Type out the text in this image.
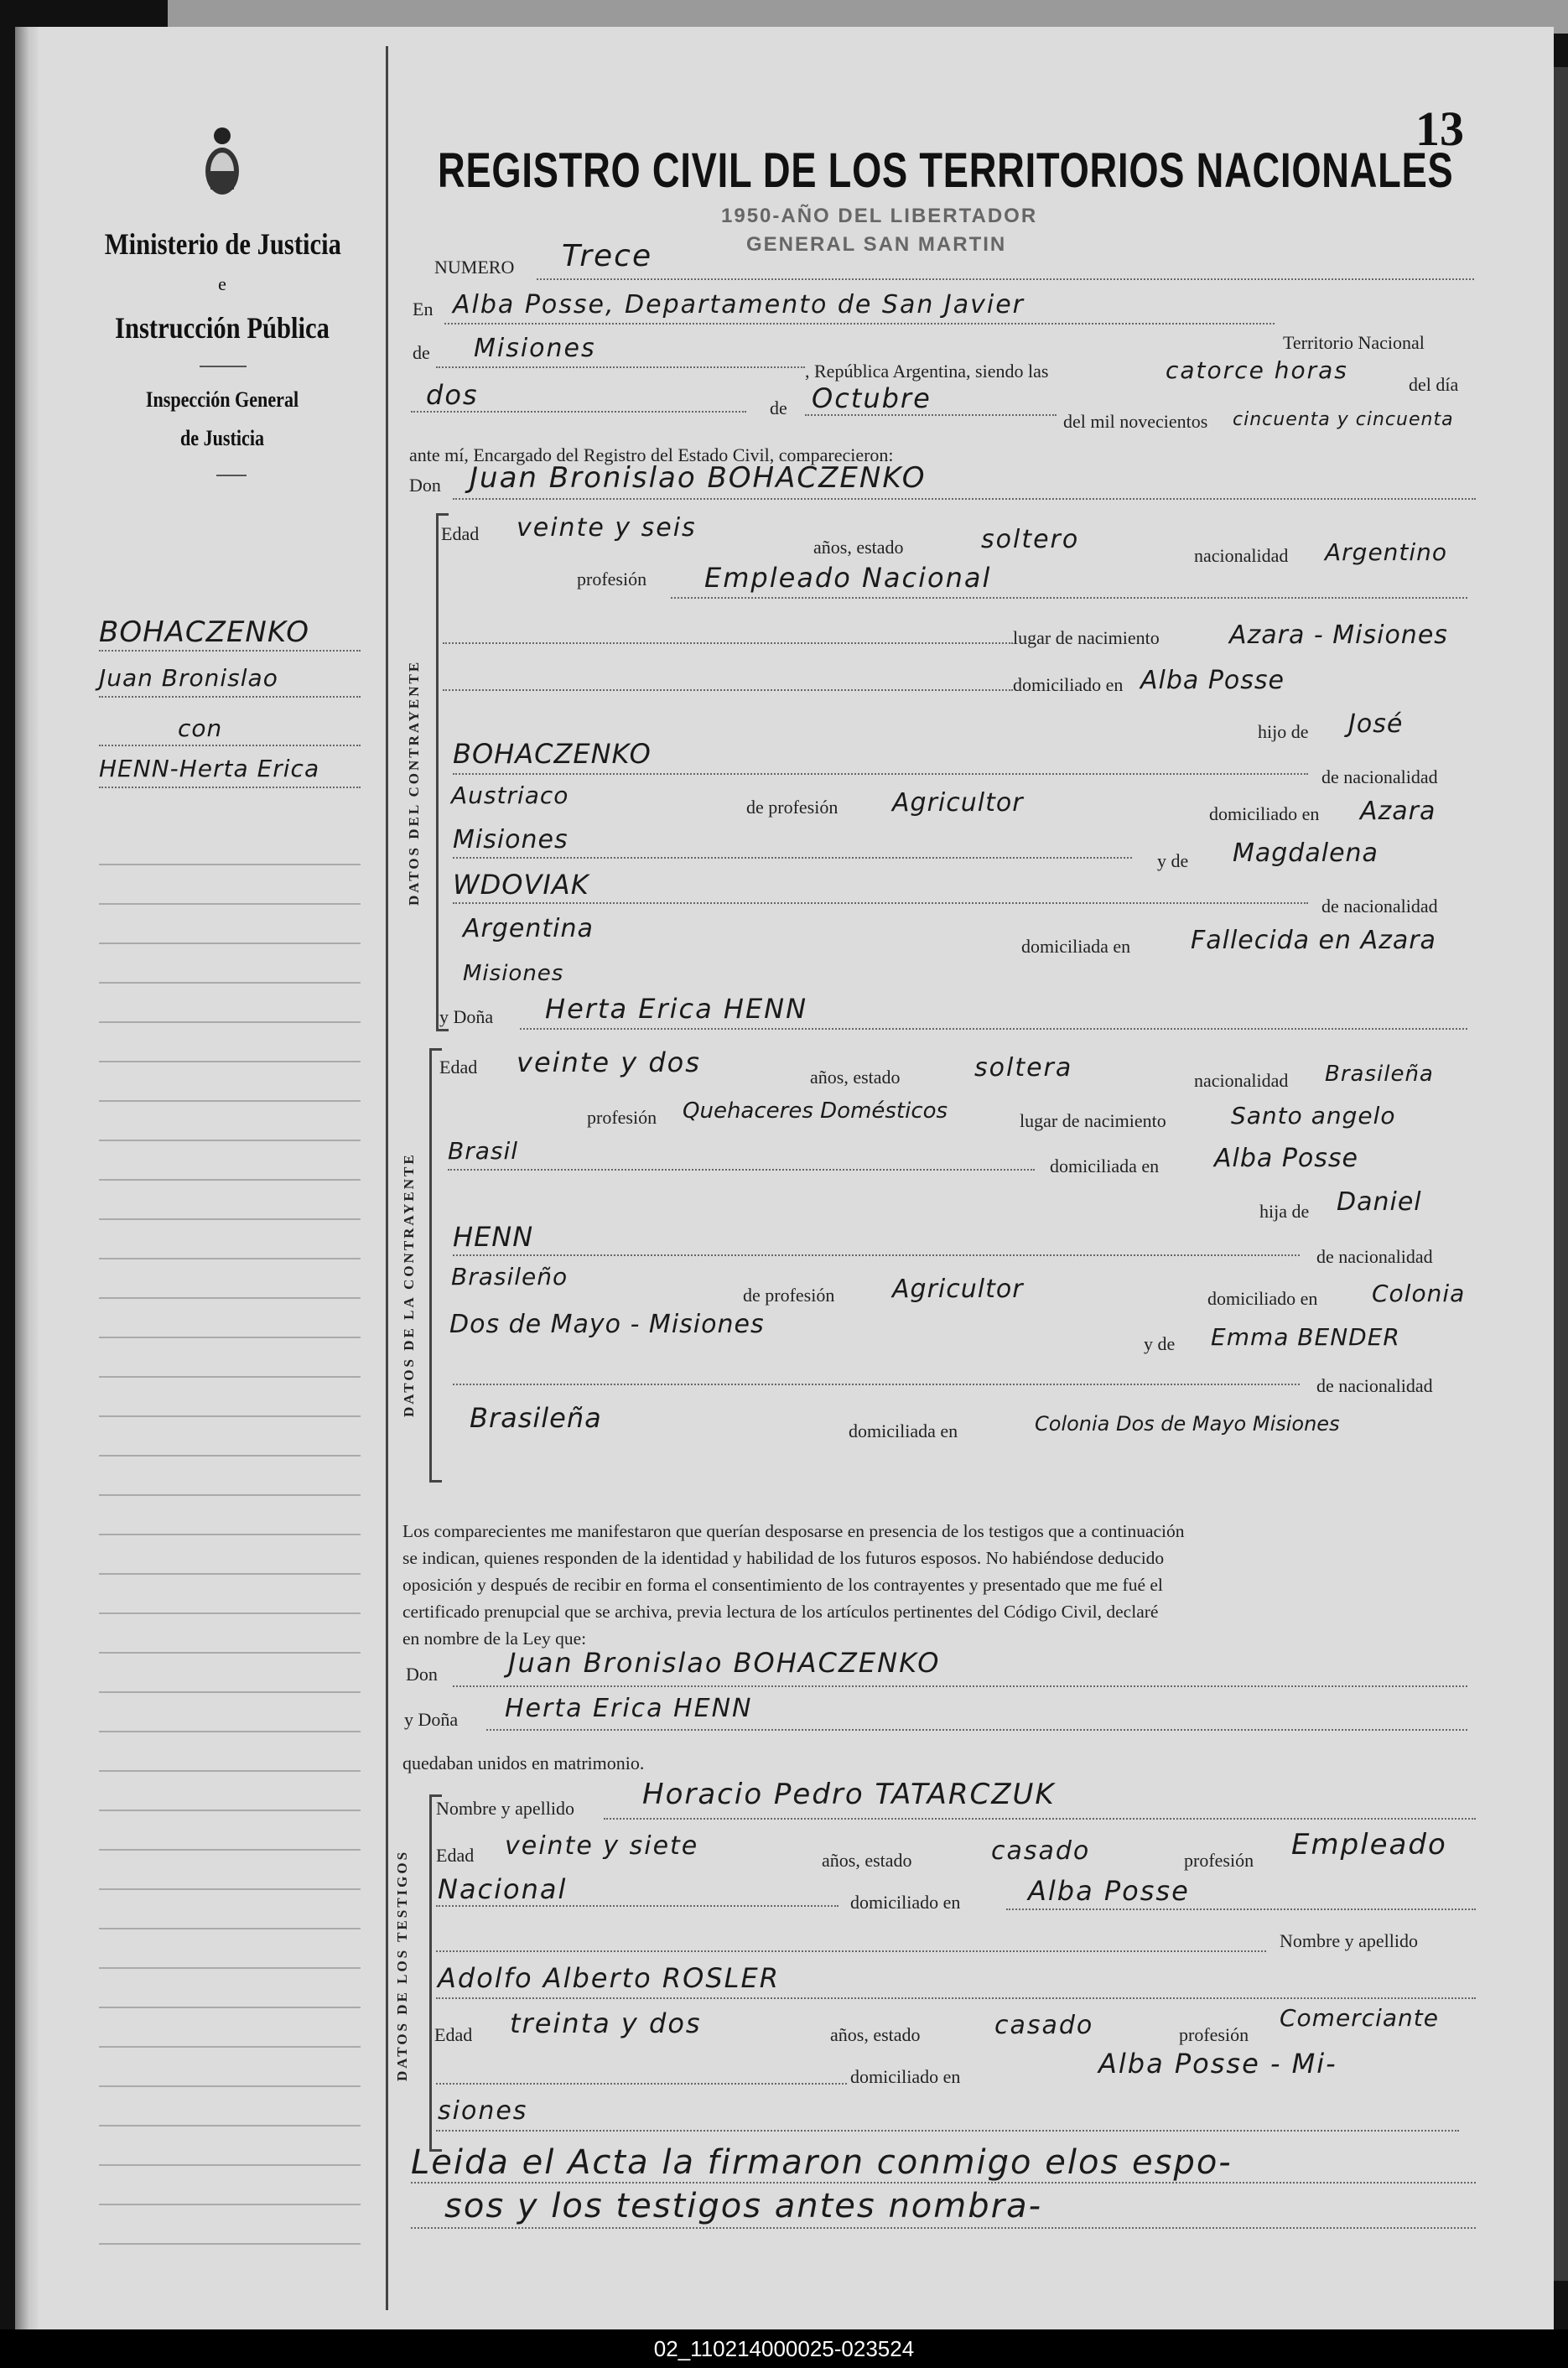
13
Ministerio de Justicia
e
Instrucción Pública
Inspección General
de Justicia
BOHACZENKO
Juan Bronislao
con
HENN-Herta Erica
REGISTRO CIVIL DE LOS TERRITORIOS NACIONALES
1950-AÑO DEL LIBERTADOR
GENERAL SAN MARTIN
NUMERO Trece
En Alba Posse, Departamento de San Javier
Territorio Nacional
de Misiones
, República Argentina, siendo las	catorce horas
del día
dos	de Octubre
del mil novecientos cincuenta y cincuenta
ante mí, Encargado del Registro del Estado Civil, comparecieron:
Don Juan Bronislao BOHACZENKO
DATOS DEL CONTRAYENTE
Edad veinte y seis
años, estado	soltero
nacionalidad Argentino
profesión Empleado Nacional
lugar de nacimiento	Azara - Misiones
domiciliado en Alba Posse
hijo de José
BOHACZENKO
de nacionalidad
Austriaco	de profesión Agricultor	domiciliado en Azara
Misiones
y de Magdalena
WDOVIAK
de nacionalidad
Argentina
domiciliada en Fallecida en Azara
Misiones
y Doña Herta Erica HENN
DATOS DE LA CONTRAYENTE
Edad veinte y dos	años, estado	soltera	nacionalidad Brasileña
profesión Quehaceres Domésticos	lugar de nacimiento	Santo angelo
Brasil
domiciliada en Alba Posse
hija de Daniel
HENN
de nacionalidad
Brasileño
de profesión Agricultor	domiciliado en Colonia
Dos de Mayo - Misiones
y de Emma BENDER
de nacionalidad
Brasileña	domiciliada en	Colonia Dos de Mayo Misiones
Los comparecientes me manifestaron que querían desposarse en presencia de los testigos que a continuación
se indican, quienes responden de la identidad y habilidad de los futuros esposos. No habiéndose deducido
oposición y después de recibir en forma el consentimiento de los contrayentes y presentado que me fué el
certificado prenupcial que se archiva, previa lectura de los artículos pertinentes del Código Civil, declaré
en nombre de la Ley que:
Don	Juan Bronislao BOHACZENKO
y Doña Herta Erica HENN
quedaban unidos en matrimonio.
DATOS DE LOS TESTIGOS
Nombre y apellido Horacio Pedro TATARCZUK
Edad veinte y siete	años, estado	casado	profesión Empleado
Nacional	domiciliado en	Alba Posse
Nombre y apellido
Adolfo Alberto ROSLER
Edad treinta y dos	años, estado	casado	profesión
Comerciante
domiciliado en	Alba Posse - Mi-
siones
Leida el Acta la firmaron conmigo elos espo-
sos y los testigos antes nombra-
02_110214000025-023524
